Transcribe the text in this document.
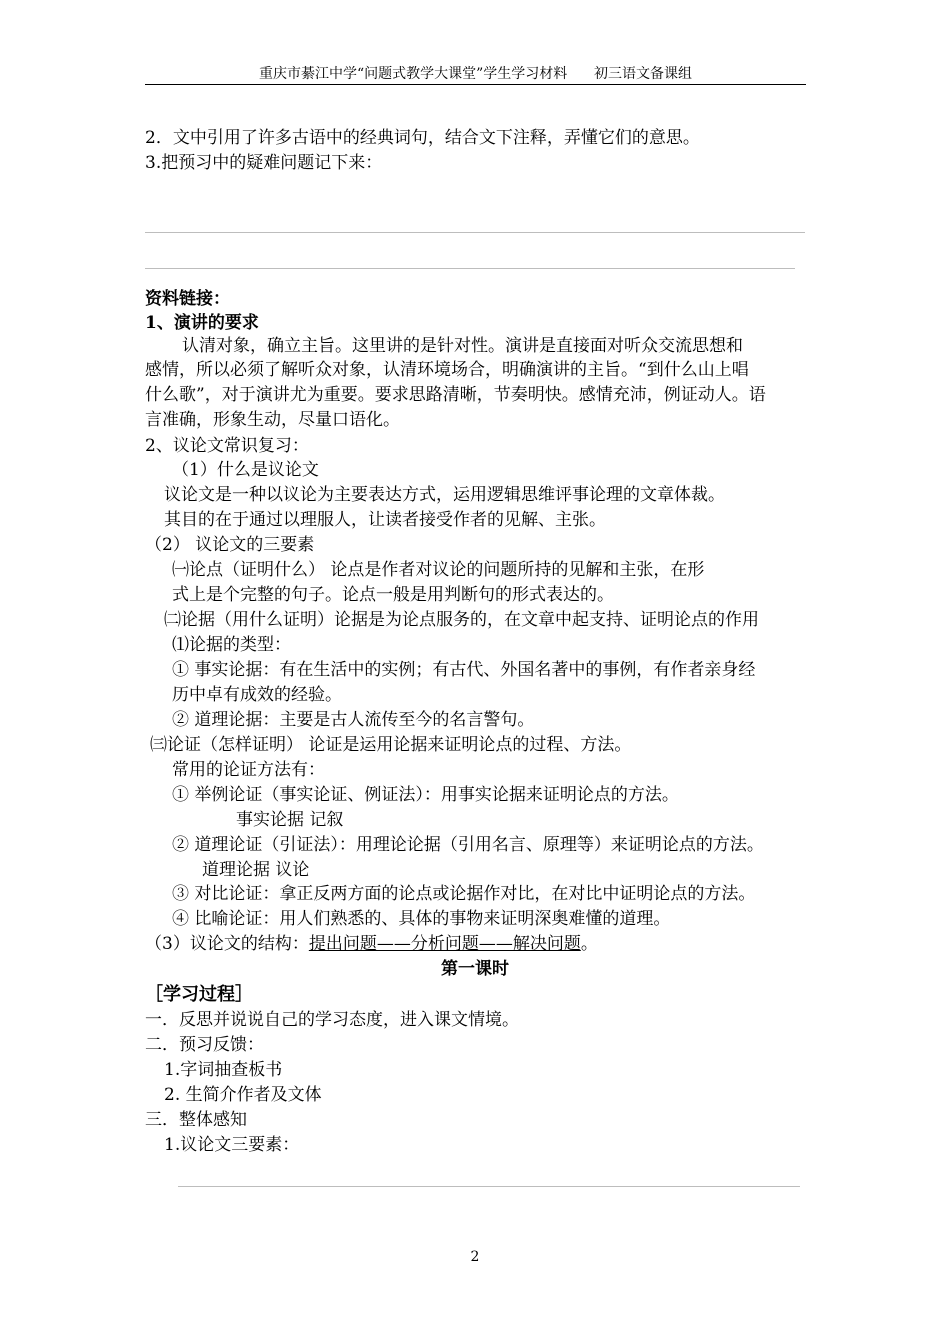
重庆市綦江中学“问题式教学大课堂”学生学习材料      初三语文备课组
2．文中引用了许多古语中的经典词句，结合文下注释，弄懂它们的意思。
3.把预习中的疑难问题记下来：
资料链接：
1、演讲的要求
认清对象，确立主旨。这里讲的是针对性。演讲是直接面对听众交流思想和
感情，所以必须了解听众对象，认清环境场合，明确演讲的主旨。“到什么山上唱
什么歌”，对于演讲尤为重要。要求思路清晰，节奏明快。感情充沛，例证动人。语
言准确，形象生动，尽量口语化。
2、议论文常识复习：
（1）什么是议论文
议论文是一种以议论为主要表达方式，运用逻辑思维评事论理的文章体裁。
其目的在于通过以理服人，让读者接受作者的见解、主张。
（2） 议论文的三要素
㈠论点（证明什么） 论点是作者对议论的问题所持的见解和主张，在形
式上是个完整的句子。论点一般是用判断句的形式表达的。
㈡论据（用什么证明）论据是为论点服务的，在文章中起支持、证明论点的作用
⑴论据的类型：
① 事实论据：有在生活中的实例；有古代、外国名著中的事例，有作者亲身经
历中卓有成效的经验。
② 道理论据：主要是古人流传至今的名言警句。
㈢论证（怎样证明） 论证是运用论据来证明论点的过程、方法。
常用的论证方法有：
① 举例论证（事实论证、例证法）：用事实论据来证明论点的方法。
事实论据 记叙
② 道理论证（引证法）：用理论论据（引用名言、原理等）来证明论点的方法。
道理论据 议论
③ 对比论证：拿正反两方面的论点或论据作对比，在对比中证明论点的方法。
④ 比喻论证：用人们熟悉的、具体的事物来证明深奥难懂的道理。
（3）议论文的结构：提出问题——分析问题——解决问题。
第一课时
［学习过程］
一．反思并说说自己的学习态度，进入课文情境。
二．预习反馈：
1.字词抽查板书
2. 生简介作者及文体
三．整体感知
1.议论文三要素：
2
